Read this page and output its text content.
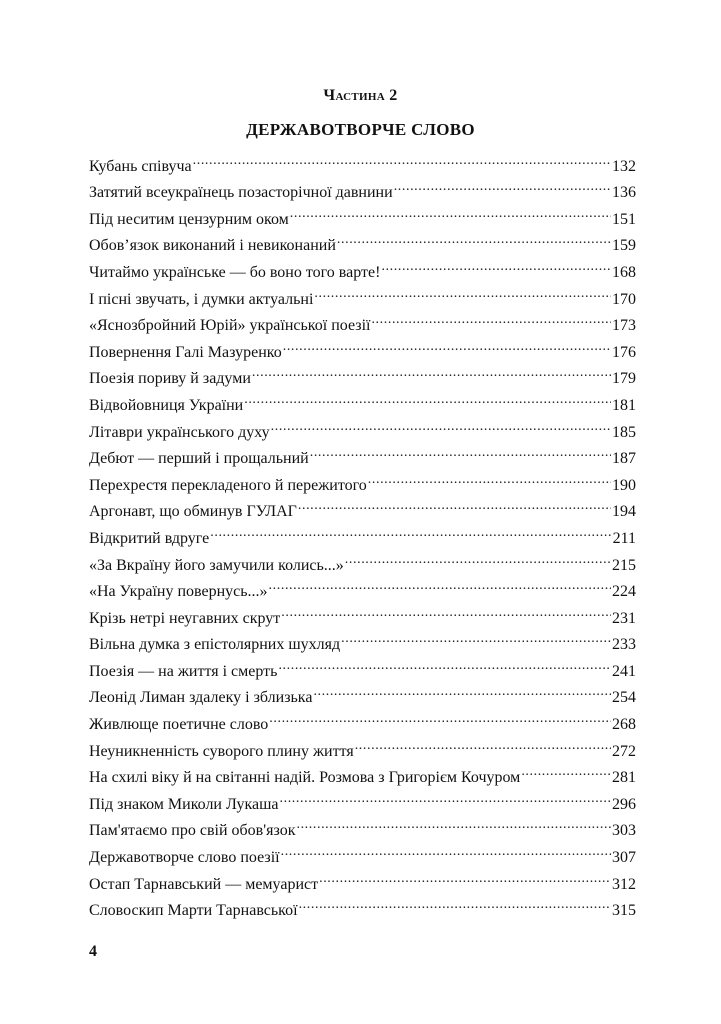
Частина 2
ДЕРЖАВОТВОРЧЕ СЛОВО
Кубань співуча .....	132
Затятий всеукраїнець позасторічної давнини .....	136
Під неситим цензурним оком .....	151
Обов’язок виконаний і невиконаний .....	159
Читаймо українське — бо воно того варте! .....	168
І пісні звучать, і думки актуальні .....	170
«Яснозбройний Юрій» української поезії .....	173
Повернення Галі Мазуренко .....	176
Поезія пориву й задуми .....	179
Відвойовниця України .....	181
Літаври українського духу .....	185
Дебют — перший і прощальний .....	187
Перехрестя перекладеного й пережитого .....	190
Аргонавт, що обминув ГУЛАГ .....	194
Відкритий вдруге .....	211
«За Вкраїну його замучили колись...» .....	215
«На Україну повернусь...» .....	224
Крізь нетрі неугавних скрут .....	231
Вільна думка з епістолярних шухляд .....	233
Поезія — на життя і смерть .....	241
Леонід Лиман здалеку і зблизька .....	254
Живлюще поетичне слово .....	268
Неуникненність суворого плину життя .....	272
На схилі віку й на світанні надій. Розмова з Григорієм Кочуром .....	281
Під знаком Миколи Лукаша .....	296
Пам'ятаємо про свій обов'язок .....	303
Державотворче слово поезії .....	307
Остап Тарнавський — мемуарист .....	312
Словоскип Марти Тарнавської .....	315
4
